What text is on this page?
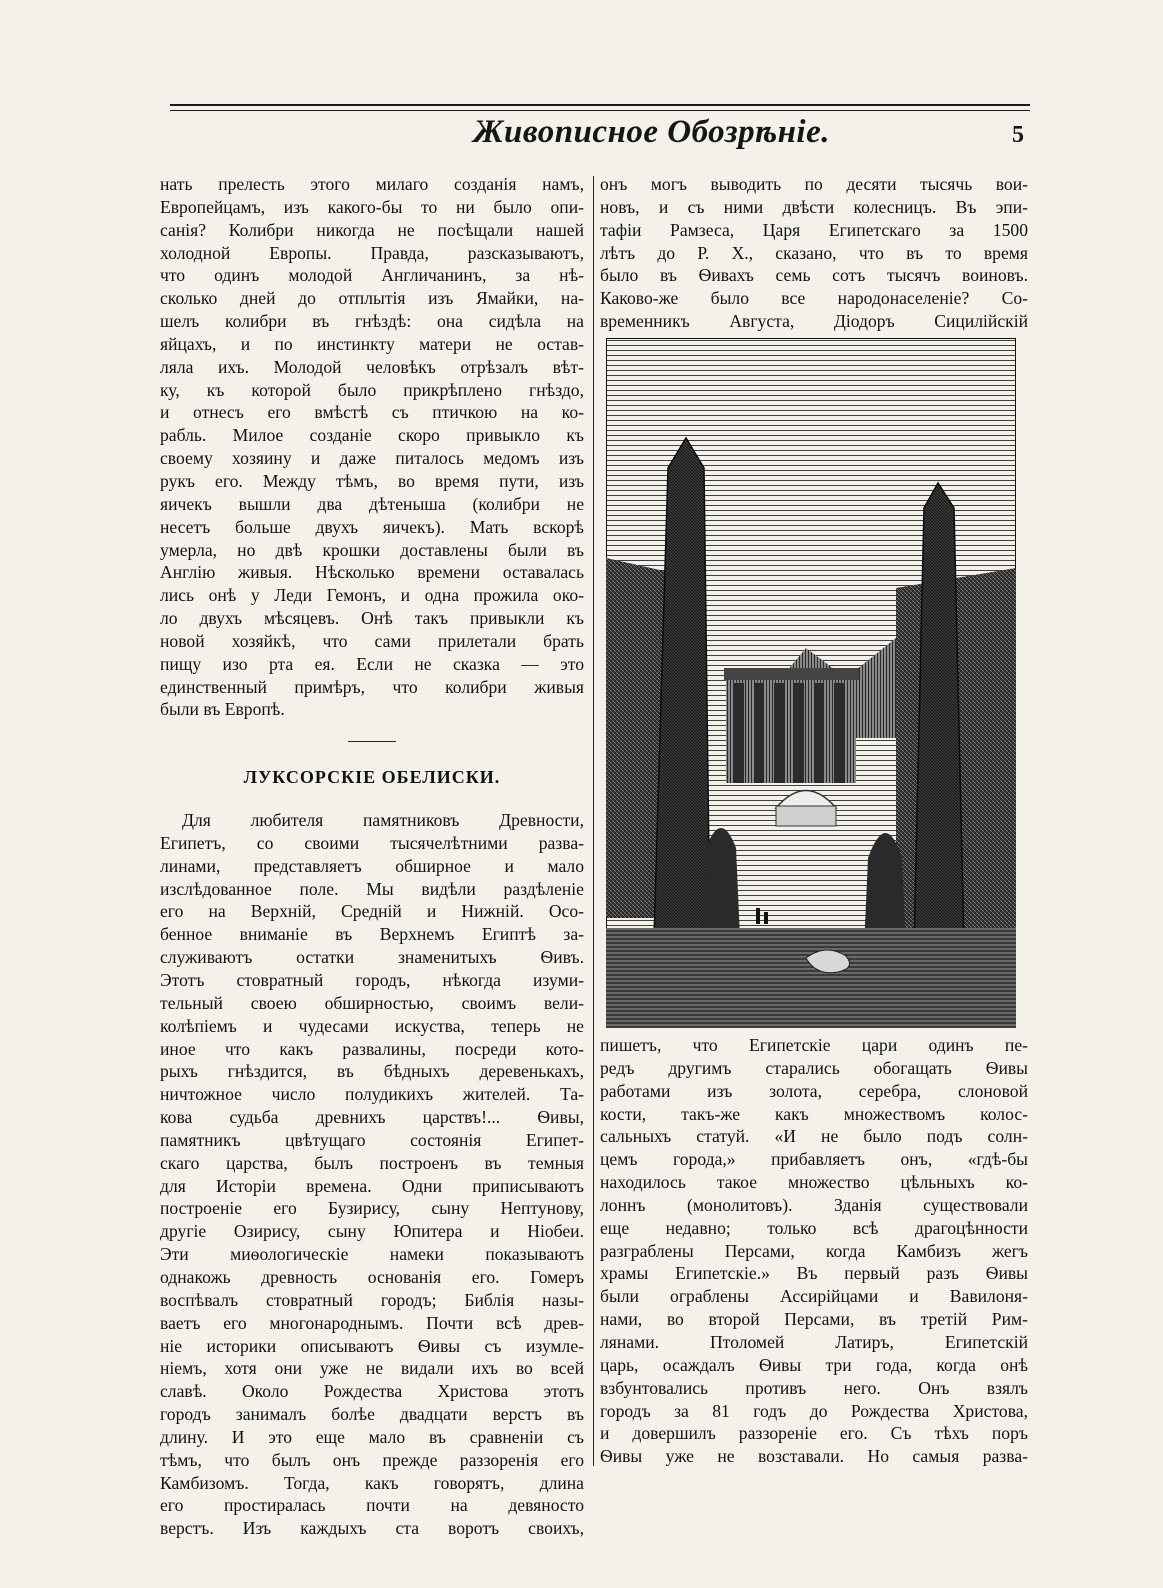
Живописное Обозрѣніе.	5
нать прелесть этого милаго созданія намъ,
Европейцамъ, изъ какого-бы то ни было опи-
санія? Колибри никогда не посѣщали нашей
холодной Европы. Правда, разсказываютъ,
что одинъ молодой Англичанинъ, за нѣ-
сколько дней до отплытія изъ Ямайки, на-
шелъ колибри въ гнѣздѣ: она сидѣла на
яйцахъ, и по инстинкту матери не остав-
ляла ихъ. Молодой человѣкъ отрѣзалъ вѣт-
ку, къ которой было прикрѣплено гнѣздо,
и отнесъ его вмѣстѣ съ птичкою на ко-
рабль. Милое созданіе скоро привыкло къ
своему хозяину и даже питалось медомъ изъ
рукъ его. Между тѣмъ, во время пути, изъ
яичекъ вышли два дѣтеныша (колибри не
несетъ больше двухъ яичекъ). Мать вскорѣ
умерла, но двѣ крошки доставлены были въ
Англію живыя. Нѣсколько времени оставалась
лись онѣ у Леди Гемонъ, и одна прожила око-
ло двухъ мѣсяцевъ. Онѣ такъ привыкли къ
новой хозяйкѣ, что сами прилетали брать
пищу изо рта ея. Если не сказка — это
единственный примѣръ, что колибри живыя
были въ Европѣ.
ЛУКСОРСКІЕ ОБЕЛИСКИ.
Для любителя памятниковъ Древности,
Египетъ, со своими тысячелѣтними разва-
линами, представляетъ обширное и мало
изслѣдованное поле. Мы видѣли раздѣленіе
его на Верхній, Средній и Нижній. Осо-
бенное вниманіе въ Верхнемъ Египтѣ за-
служиваютъ остатки знаменитыхъ Ѳивъ.
Этотъ стовратный городъ, нѣкогда изуми-
тельный своею обширностью, своимъ вели-
колѣпіемъ и чудесами искуства, теперь не
иное что какъ развалины, посреди кото-
рыхъ гнѣздится, въ бѣдныхъ деревенькахъ,
ничтожное число полудикихъ жителей. Та-
кова судьба древнихъ царствъ!... Ѳивы,
памятникъ цвѣтущаго состоянія Египет-
скаго царства, былъ построенъ въ темныя
для Исторіи времена. Одни приписываютъ
построеніе его Бузирису, сыну Нептунову,
другіе Озирису, сыну Юпитера и Ніобеи.
Эти миѳологическіе намеки показываютъ
однакожь древность основанія его. Гомеръ
воспѣвалъ стовратный городъ; Библія назы-
ваетъ его многонароднымъ. Почти всѣ древ-
ніе историки описываютъ Ѳивы съ изумле-
ніемъ, хотя они уже не видали ихъ во всей
славѣ. Около Рождества Христова этотъ
городъ занималъ болѣе двадцати верстъ въ
длину. И это еще мало въ сравненіи съ
тѣмъ, что былъ онъ прежде раззоренія его
Камбизомъ. Тогда, какъ говорятъ, длина
его простиралась почти на девяносто
верстъ. Изъ каждыхъ ста воротъ своихъ,
онъ могъ выводить по десяти тысячь вои-
новъ, и съ ними двѣсти колесницъ. Въ эпи-
тафіи Рамзеса, Царя Египетскаго за 1500
лѣтъ до Р. Х., сказано, что въ то время
было въ Ѳивахъ семь сотъ тысячъ воиновъ.
Каково-же было все народонаселеніе? Со-
временникъ Августа, Діодоръ Сицилійскій
пишетъ, что Египетскіе цари одинъ пе-
редъ другимъ старались обогащать Ѳивы
работами изъ золота, серебра, слоновой
кости, такъ-же какъ множествомъ колос-
сальныхъ статуй. «И не было подъ солн-
цемъ города,» прибавляетъ онъ, «гдѣ-бы
находилось такое множество цѣльныхъ ко-
лоннъ (монолитовъ). Зданія существовали
еще недавно; только всѣ драгоцѣнности
разграблены Персами, когда Камбизъ жегъ
храмы Египетскіе.» Въ первый разъ Ѳивы
были ограблены Ассирійцами и Вавилоня-
нами, во второй Персами, въ третій Рим-
лянами. Птоломей Латиръ, Египетскій
царь, осаждалъ Ѳивы три года, когда онѣ
взбунтовались противъ него. Онъ взялъ
городъ за 81 годъ до Рождества Христова,
и довершилъ раззореніе его. Съ тѣхъ поръ
Ѳивы уже не возставали. Но самыя разва-
